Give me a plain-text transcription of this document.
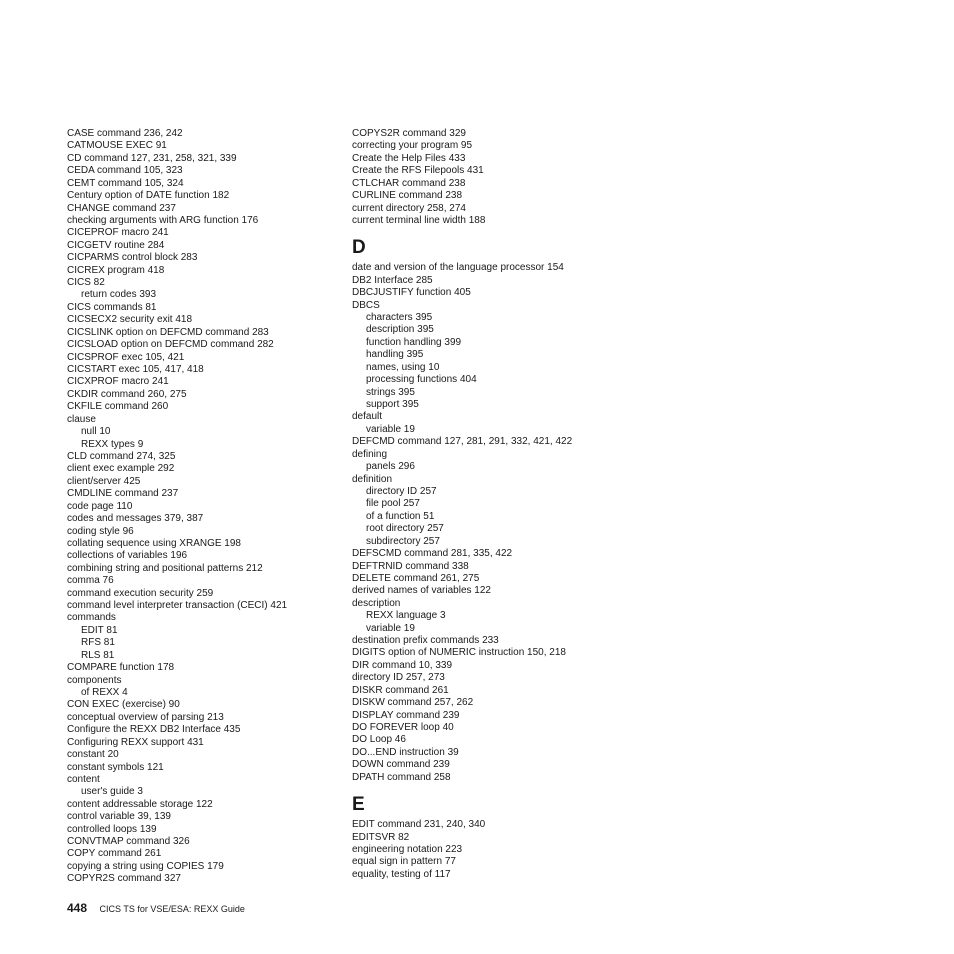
CASE command 236, 242
CATMOUSE EXEC 91
CD command 127, 231, 258, 321, 339
CEDA command 105, 323
CEMT command 105, 324
Century option of DATE function 182
CHANGE command 237
checking arguments with ARG function 176
CICEPROF macro 241
CICGETV routine 284
CICPARMS control block 283
CICREX program 418
CICS 82
return codes 393
CICS commands 81
CICSECX2 security exit 418
CICSLINK option on DEFCMD command 283
CICSLOAD option on DEFCMD command 282
CICSPROF exec 105, 421
CICSTART exec 105, 417, 418
CICXPROF macro 241
CKDIR command 260, 275
CKFILE command 260
clause
null 10
REXX types 9
CLD command 274, 325
client exec example 292
client/server 425
CMDLINE command 237
code page 110
codes and messages 379, 387
coding style 96
collating sequence using XRANGE 198
collections of variables 196
combining string and positional patterns 212
comma 76
command execution security 259
command level interpreter transaction (CECI) 421
commands
EDIT 81
RFS 81
RLS 81
COMPARE function 178
components
of REXX 4
CON EXEC (exercise) 90
conceptual overview of parsing 213
Configure the REXX DB2 Interface 435
Configuring REXX support 431
constant 20
constant symbols 121
content
user's guide 3
content addressable storage 122
control variable 39, 139
controlled loops 139
CONVTMAP command 326
COPY command 261
copying a string using COPIES 179
COPYR2S command 327
COPYS2R command 329
correcting your program 95
Create the Help Files 433
Create the RFS Filepools 431
CTLCHAR command 238
CURLINE command 238
current directory 258, 274
current terminal line width 188
D
date and version of the language processor 154
DB2 Interface 285
DBCJUSTIFY function 405
DBCS
characters 395
description 395
function handling 399
handling 395
names, using 10
processing functions 404
strings 395
support 395
default
variable 19
DEFCMD command 127, 281, 291, 332, 421, 422
defining
panels 296
definition
directory ID 257
file pool 257
of a function 51
root directory 257
subdirectory 257
DEFSCMD command 281, 335, 422
DEFTRNID command 338
DELETE command 261, 275
derived names of variables 122
description
REXX language 3
variable 19
destination prefix commands 233
DIGITS option of NUMERIC instruction 150, 218
DIR command 10, 339
directory ID 257, 273
DISKR command 261
DISKW command 257, 262
DISPLAY command 239
DO FOREVER loop 40
DO Loop 46
DO...END instruction 39
DOWN command 239
DPATH command 258
E
EDIT command 231, 240, 340
EDITSVR 82
engineering notation 223
equal sign in pattern 77
equality, testing of 117
448 CICS TS for VSE/ESA: REXX Guide
